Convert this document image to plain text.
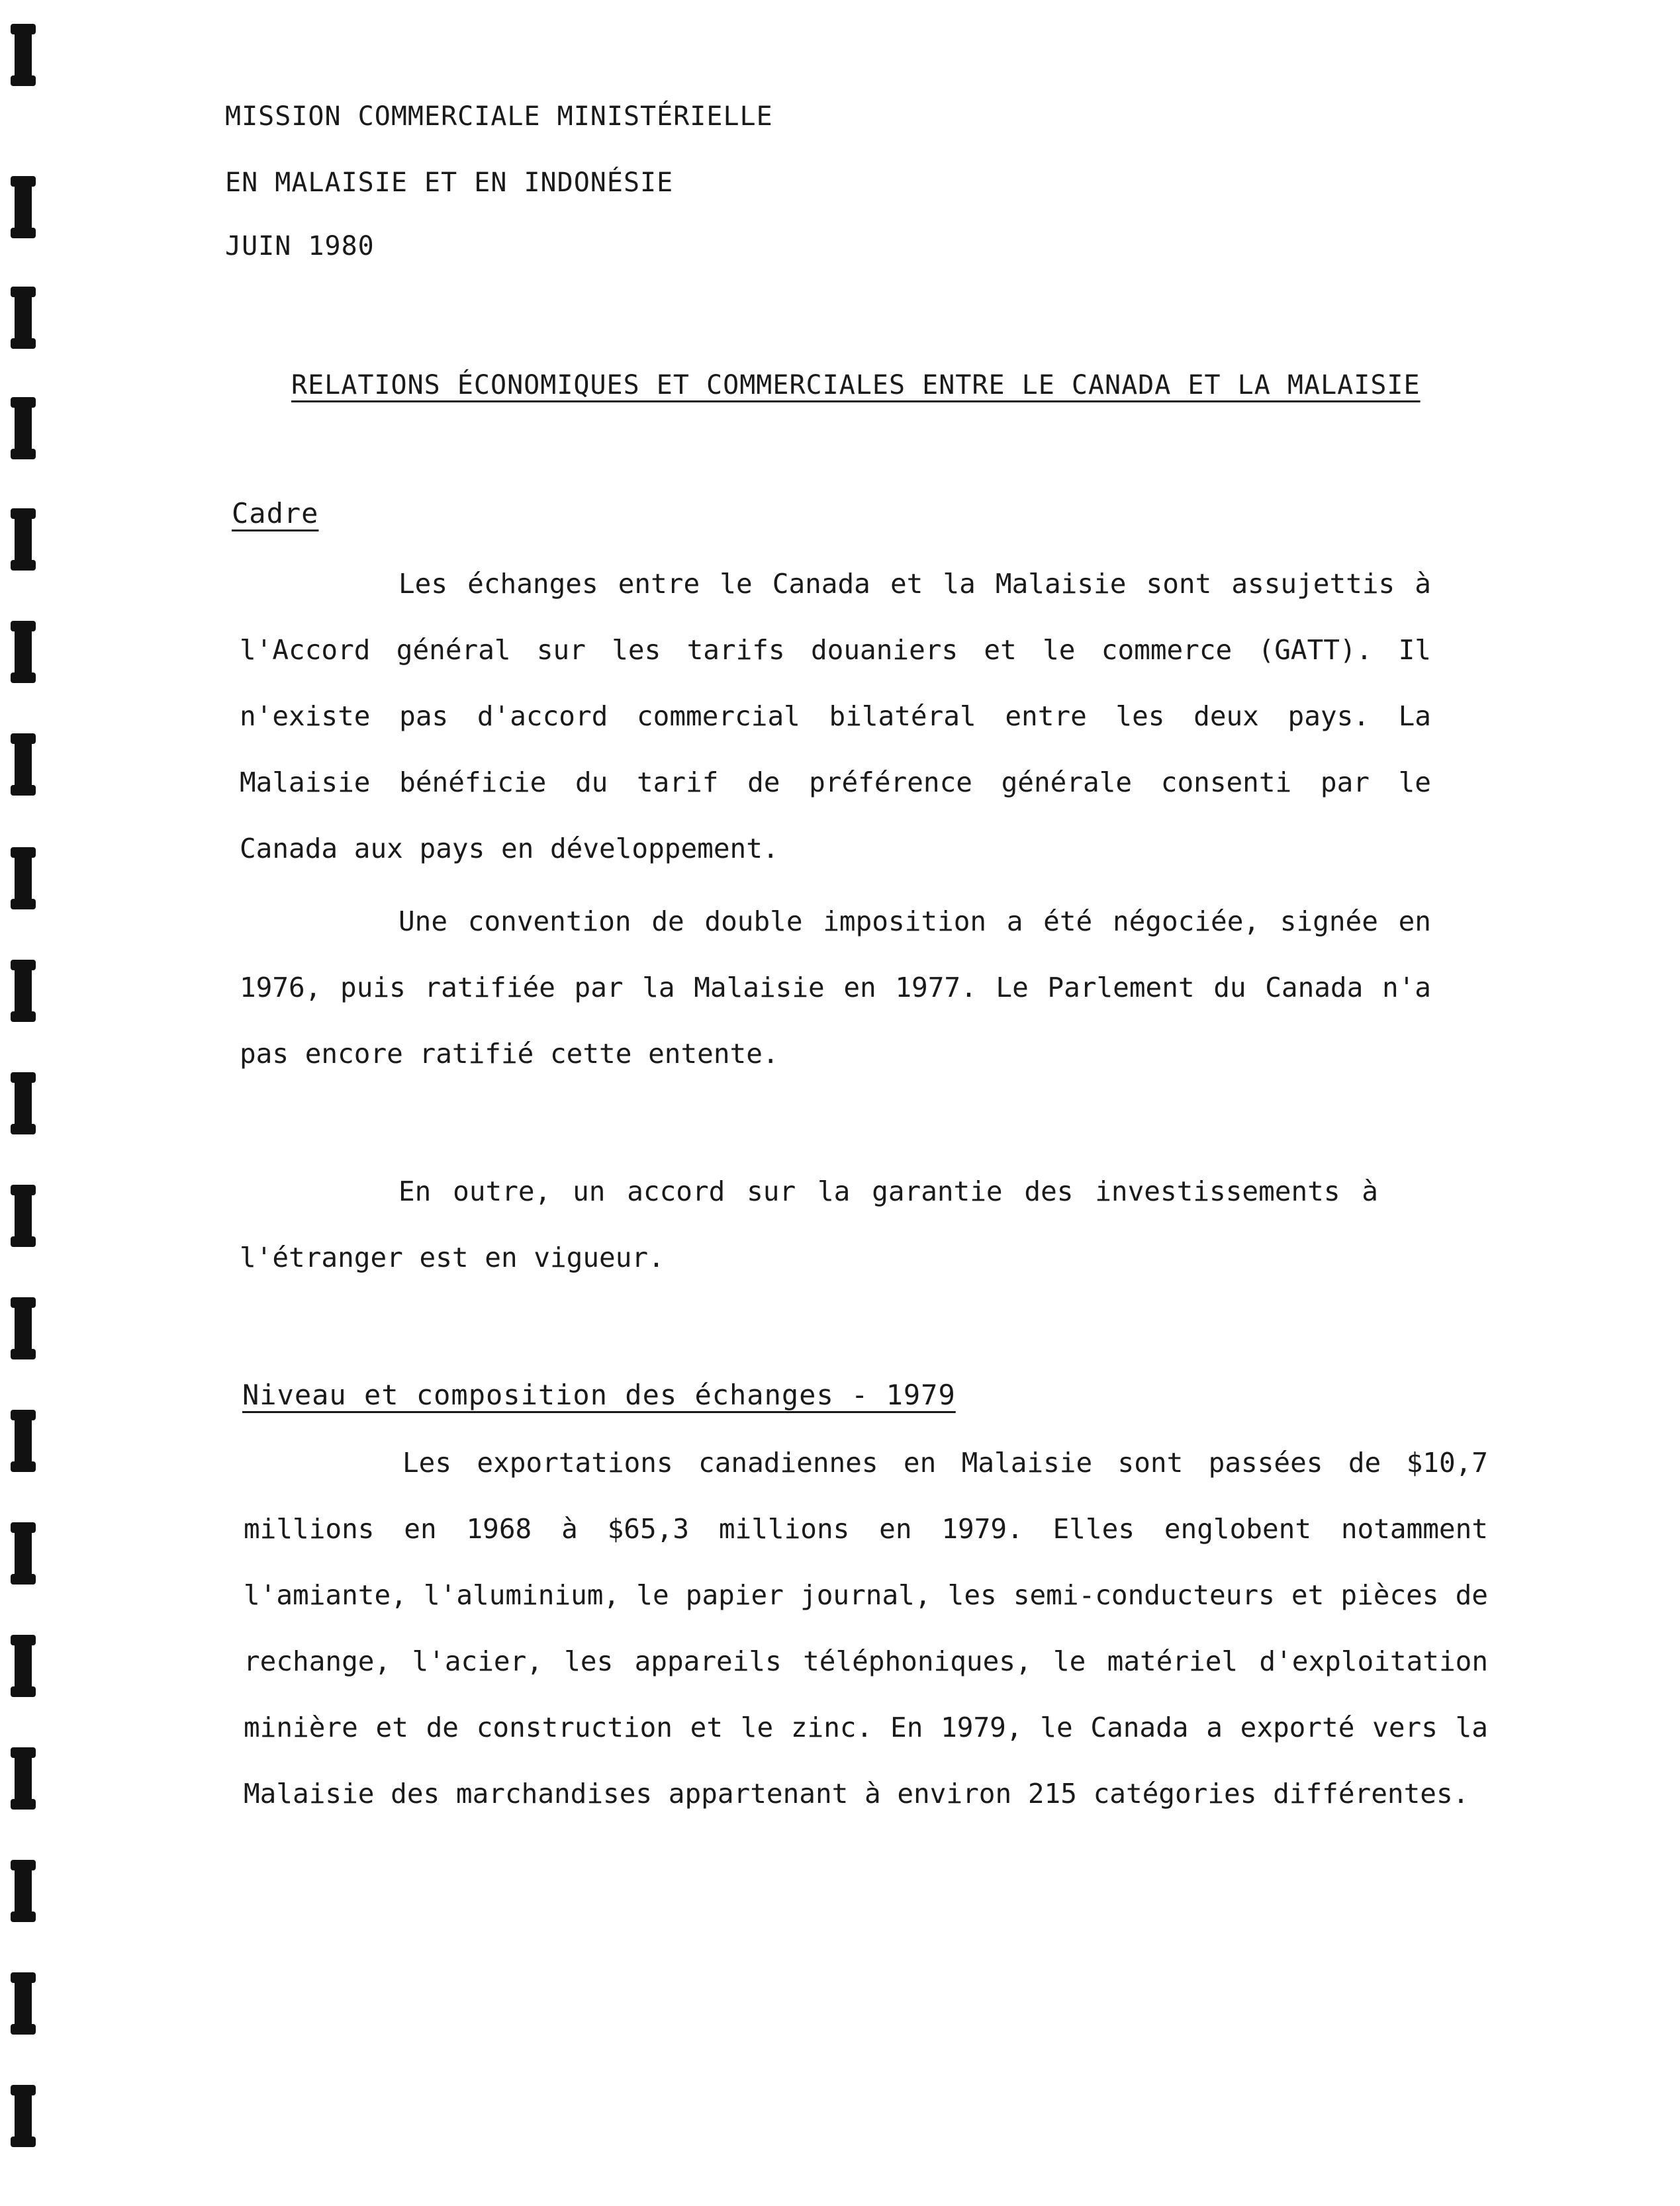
MISSION COMMERCIALE MINISTÉRIELLE
EN MALAISIE ET EN INDONÉSIE
JUIN 1980
RELATIONS ÉCONOMIQUES ET COMMERCIALES ENTRE LE CANADA ET LA MALAISIE
Cadre
Les échanges entre le Canada et la Malaisie sont assujettis à l'Accord général sur les tarifs douaniers et le commerce (GATT). Il n'existe pas d'accord commercial bilatéral entre les deux pays. La Malaisie bénéficie du tarif de préférence générale consenti par le Canada aux pays en développement.
Une convention de double imposition a été négociée, signée en 1976, puis ratifiée par la Malaisie en 1977. Le Parlement du Canada n'a pas encore ratifié cette entente.
En outre, un accord sur la garantie des investissements à l'étranger est en vigueur.
Niveau et composition des échanges - 1979
Les exportations canadiennes en Malaisie sont passées de $10,7 millions en 1968 à $65,3 millions en 1979. Elles englobent notamment l'amiante, l'aluminium, le papier journal, les semi-conducteurs et pièces de rechange, l'acier, les appareils téléphoniques, le matériel d'exploitation minière et de construction et le zinc. En 1979, le Canada a exporté vers la Malaisie des marchandises appartenant à environ 215 catégories différentes.
